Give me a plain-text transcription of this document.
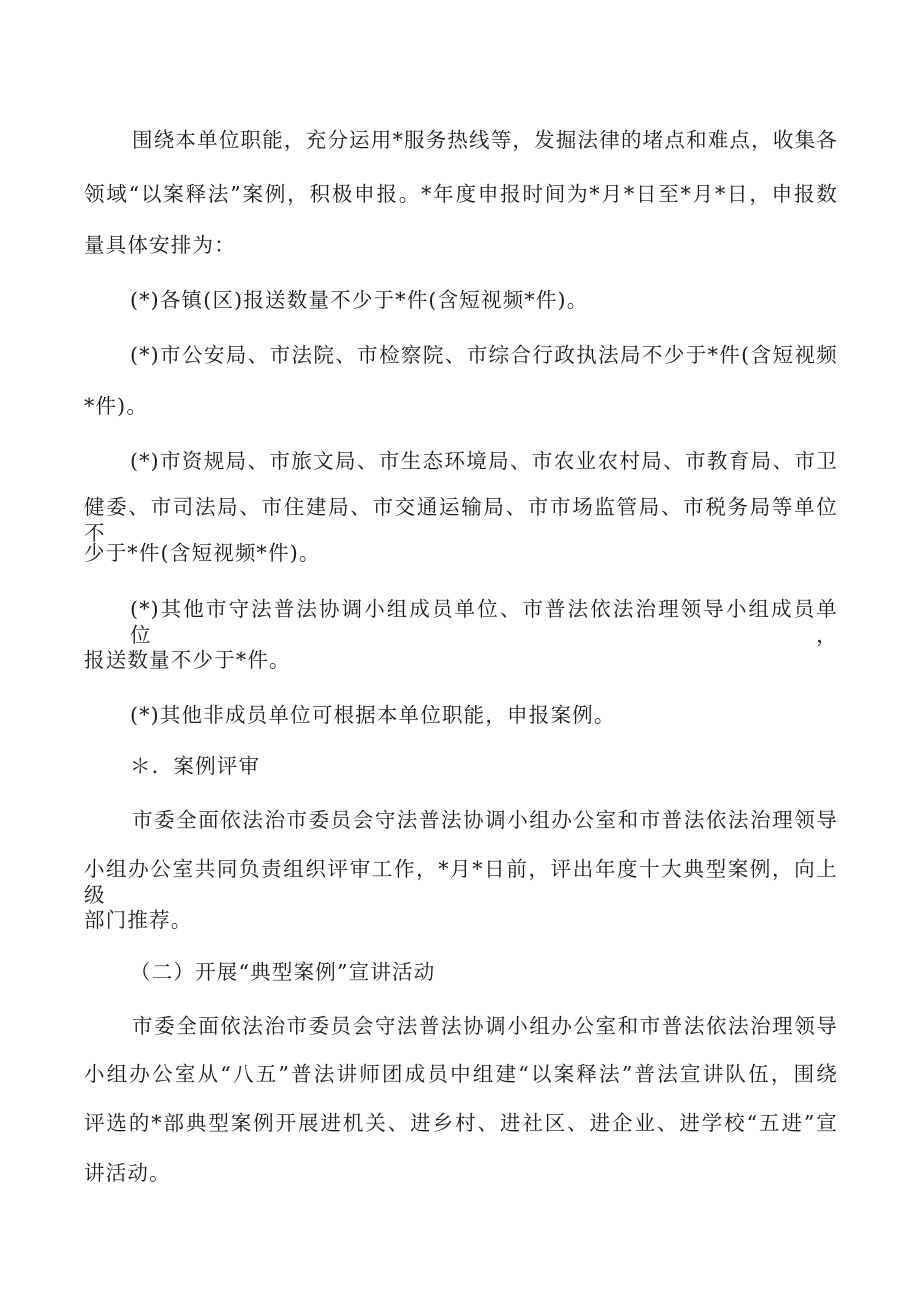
围绕本单位职能，充分运用*服务热线等，发掘法律的堵点和难点，收集各
领域“以案释法”案例，积极申报。*年度申报时间为*月*日至*月*日，申报数
量具体安排为：
(*)各镇(区)报送数量不少于*件(含短视频*件)。
(*)市公安局、市法院、市检察院、市综合行政执法局不少于*件(含短视频
*件)。
(*)市资规局、市旅文局、市生态环境局、市农业农村局、市教育局、市卫
健委、市司法局、市住建局、市交通运输局、市市场监管局、市税务局等单位不
少于*件(含短视频*件)。
(*)其他市守法普法协调小组成员单位、市普法依法治理领导小组成员单位，
报送数量不少于*件。
(*)其他非成员单位可根据本单位职能，申报案例。
＊．案例评审
市委全面依法治市委员会守法普法协调小组办公室和市普法依法治理领导
小组办公室共同负责组织评审工作，*月*日前，评出年度十大典型案例，向上级
部门推荐。
（二）开展“典型案例”宣讲活动
市委全面依法治市委员会守法普法协调小组办公室和市普法依法治理领导
小组办公室从“八五”普法讲师团成员中组建“以案释法”普法宣讲队伍，围绕
评选的*部典型案例开展进机关、进乡村、进社区、进企业、进学校“五进”宣
讲活动。
